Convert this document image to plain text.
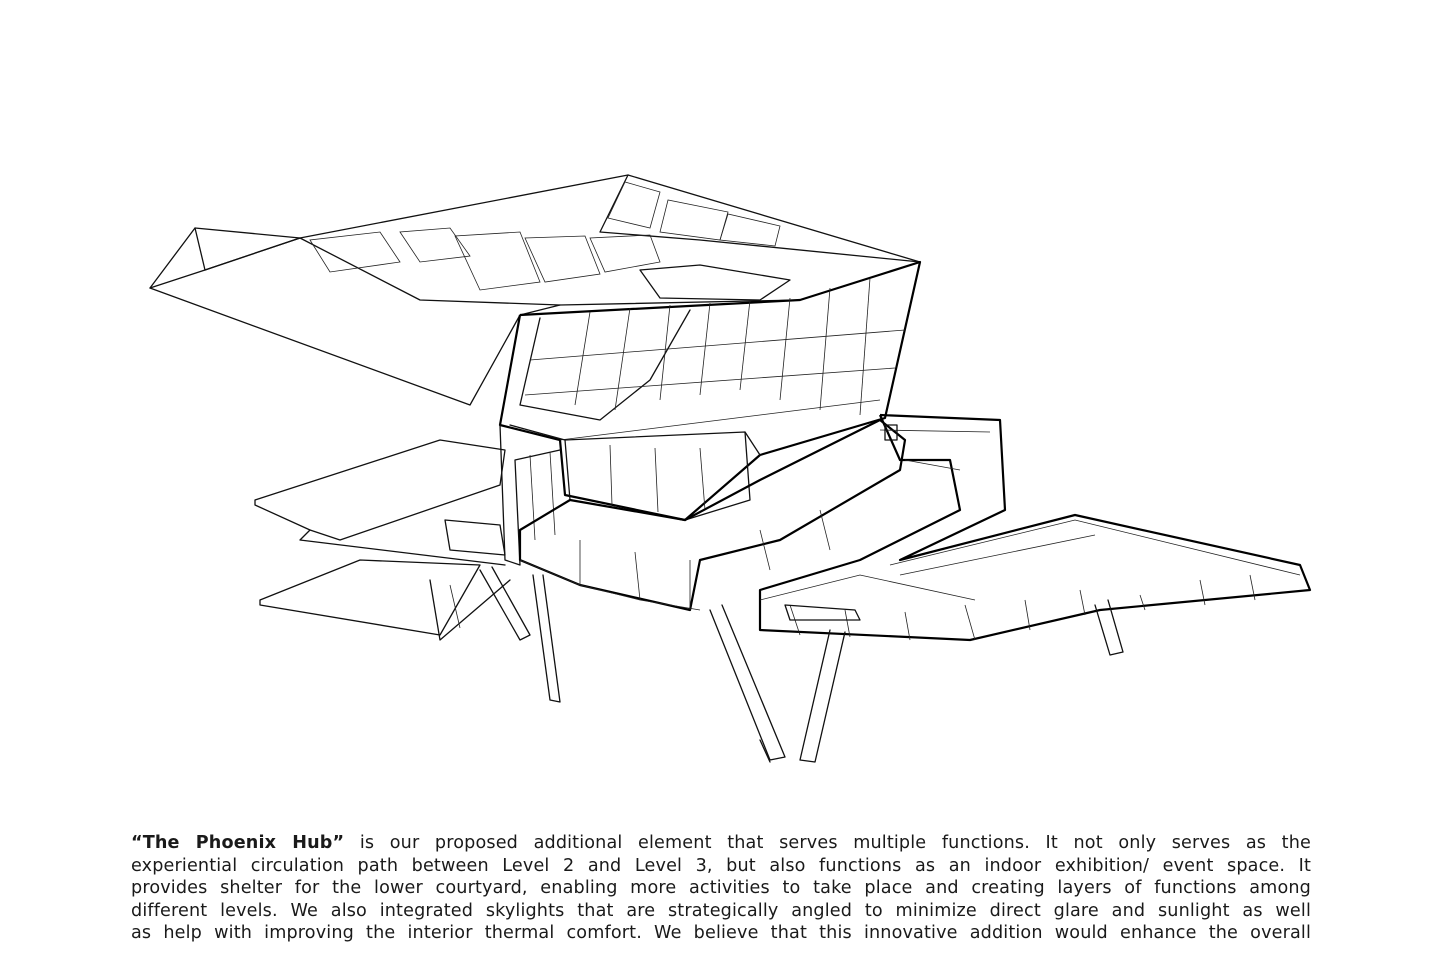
“The Phoenix Hub” is our proposed additional element that serves multiple functions. It not only serves as the
experiential circulation path between Level 2 and Level 3, but also functions as an indoor exhibition/ event space. It
provides shelter for the lower courtyard, enabling more activities to take place and creating layers of functions among
different levels. We also integrated skylights that are strategically angled to minimize direct glare and sunlight as well
as help with improving the interior thermal comfort. We believe that this innovative addition would enhance the overall
